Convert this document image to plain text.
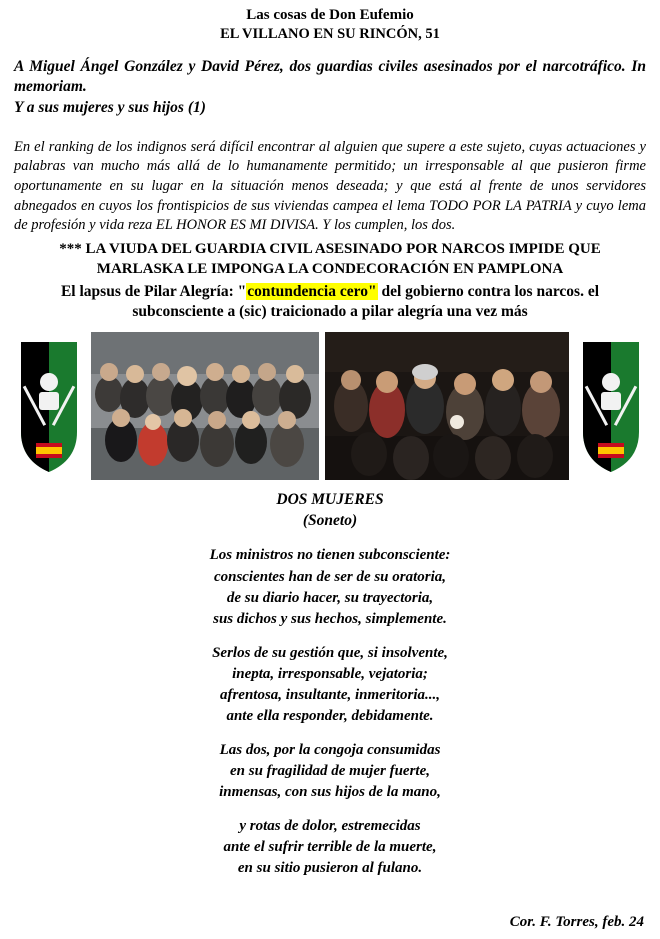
Las cosas de Don Eufemio
EL VILLANO EN SU RINCÓN, 51
A Miguel Ángel González y David Pérez, dos guardias civiles asesinados por el narcotráfico. In memoriam.
Y a sus mujeres y sus hijos (1)
En el ranking de los indignos será difícil encontrar al alguien que supere a este sujeto, cuyas actuaciones y palabras van mucho más allá de lo humanamente permitido; un irresponsable al que pusieron firme oportunamente en su lugar en la situación menos deseada; y que está al frente de unos servidores abnegados en cuyos los frontispicios de sus viviendas campea el lema TODO POR LA PATRIA y cuyo lema de profesión y vida reza EL HONOR ES MI DIVISA. Y los cumplen, los dos.
*** LA VIUDA DEL GUARDIA CIVIL ASESINADO POR NARCOS IMPIDE QUE
MARLASKA LE IMPONGA LA CONDECORACIÓN EN PAMPLONA
El lapsus de Pilar Alegría: "contundencia cero" del gobierno contra los narcos. el
subconsciente a (sic) traicionado a pilar alegría una vez más
DOS MUJERES
(Soneto)
Los ministros no tienen subconsciente:
conscientes han de ser de su oratoria,
de su diario hacer, su trayectoria,
sus dichos y sus hechos, simplemente.
Serlos de su gestión que, si insolvente,
inepta, irresponsable, vejatoria;
afrentosa, insultante, inmeritoria...,
ante ella responder, debidamente.
Las dos, por la congoja consumidas
en su fragilidad de mujer fuerte,
inmensas, con sus hijos de la mano,
y rotas de dolor, estremecidas
ante el sufrir terrible de la muerte,
en su sitio pusieron al fulano.
Cor. F. Torres, feb. 24
